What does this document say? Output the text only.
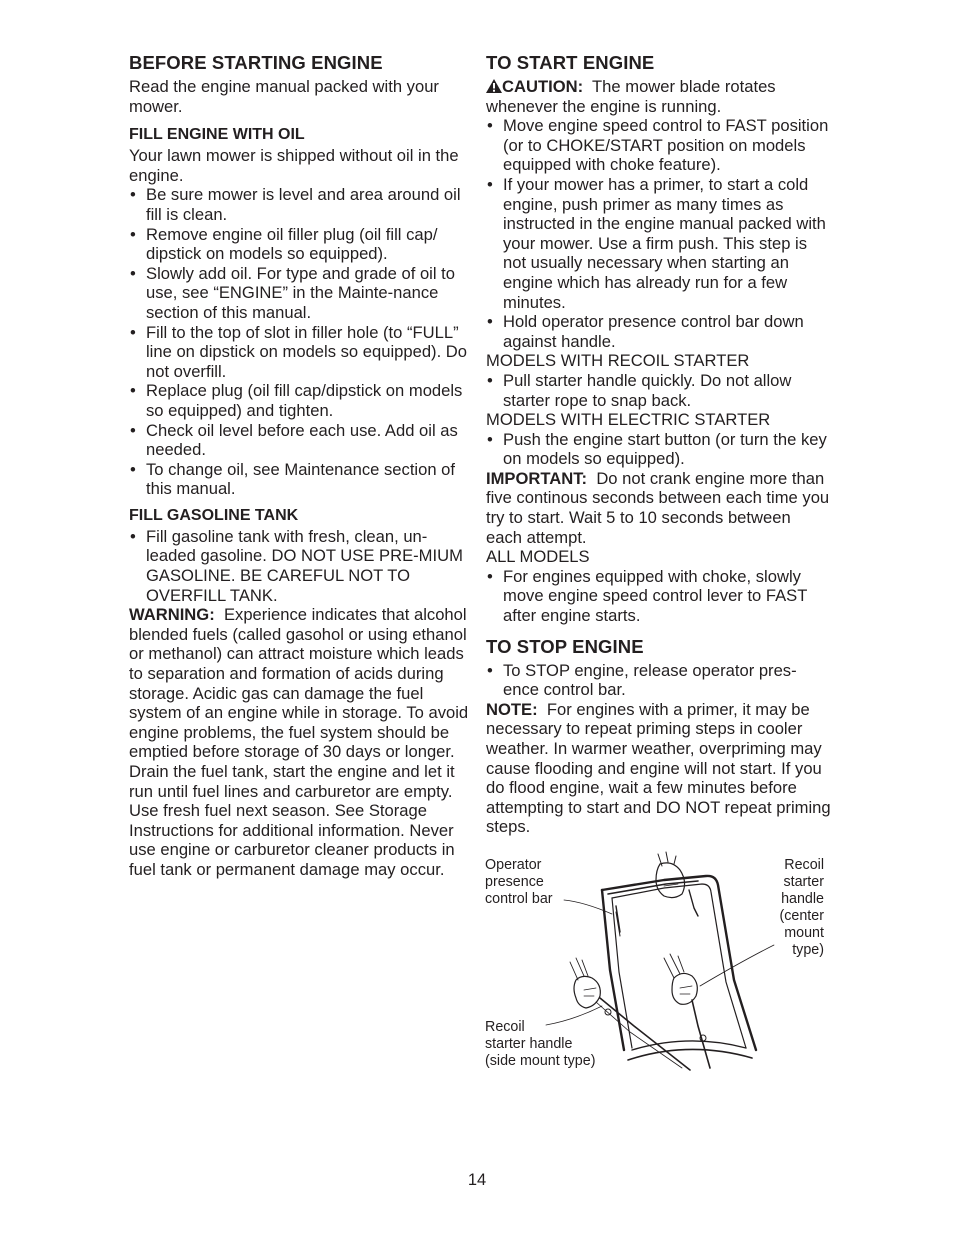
BEFORE STARTING ENGINE

Read the engine manual packed with your mower.

FILL ENGINE WITH OIL

Your lawn mower is shipped without oil in the engine.

• Be sure mower is level and area around oil fill is clean.
• Remove engine oil filler plug (oil fill cap/ dipstick on models so equipped).
• Slowly add oil. For type and grade of oil to use, see “ENGINE” in the Mainte-nance section of this manual.
• Fill to the top of slot in filler hole (to “FULL” line on dipstick on models so equipped). Do not overfill.
• Replace plug (oil fill cap/dipstick on models so equipped) and tighten.
• Check oil level before each use. Add oil as needed.
• To change oil, see Maintenance section of this manual.
FILL GASOLINE TANK
• Fill gasoline tank with fresh, clean, un-leaded gasoline. DO NOT USE PRE-MIUM GASOLINE. BE CAREFUL NOT TO OVERFILL TANK.

WARNING: Experience indicates that alcohol blended fuels (called gasohol or using ethanol or methanol) can attract moisture which leads to separation and formation of acids during storage. Acidic gas can damage the fuel system of an engine while in storage. To avoid engine problems, the fuel system should be emptied before storage of 30 days or longer. Drain the fuel tank, start the engine and let it run until fuel lines and carburetor are empty. Use fresh fuel next season. See Storage Instructions for additional information. Never use engine or carburetor cleaner products in fuel tank or permanent damage may occur.

TO START ENGINE

CAUTION: The mower blade rotates whenever the engine is running.

• Move engine speed control to FAST position (or to CHOKE/START position on models equipped with choke feature).
• If your mower has a primer, to start a cold engine, push primer as many times as instructed in the engine manual packed with your mower. Use a firm push. This step is not usually necessary when starting an engine which has already run for a few minutes.
• Hold operator presence control bar down against handle.

MODELS WITH RECOIL STARTER

• Pull starter handle quickly. Do not allow starter rope to snap back.

MODELS WITH ELECTRIC STARTER

• Push the engine start button (or turn the key on models so equipped).

IMPORTANT: Do not crank engine more than five continous seconds between each time you try to start. Wait 5 to 10 seconds between each attempt.

ALL MODELS

• For engines equipped with choke, slowly move engine speed control lever to FAST after engine starts.
TO STOP ENGINE
• To STOP engine, release operator pres-ence control bar.

NOTE: For engines with a primer, it may be necessary to repeat priming steps in cooler weather. In warmer weather, overpriming may cause flooding and engine will not start. If you do flood engine, wait a few minutes before attempting to start and DO NOT repeat priming steps.

Operator
presence
control bar
Recoil
starter
handle
(center
mount
type)
Recoil
starter handle
(side mount type)
14
